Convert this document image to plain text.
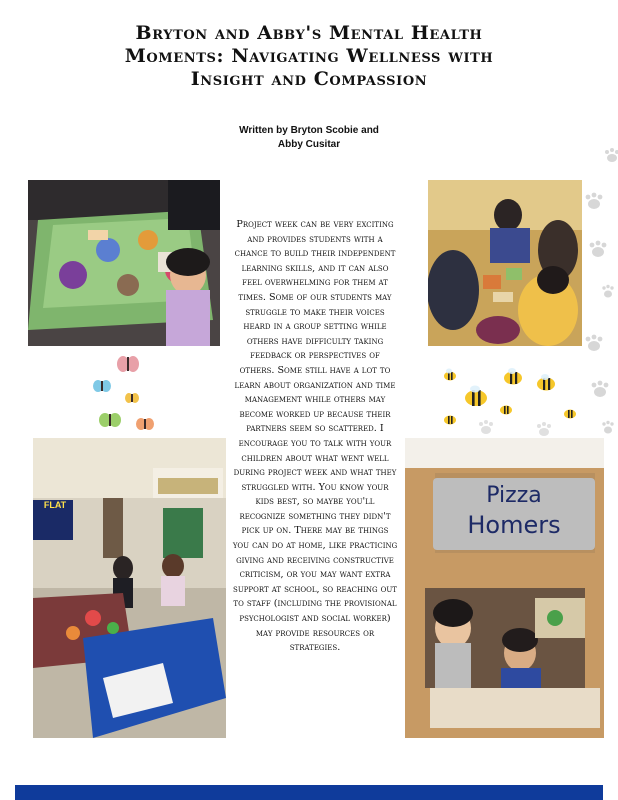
Bryton and Abby's Mental Health Moments: Navigating Wellness with Insight and Compassion
Written by Bryton Scobie and
Abby Cusitar
FLAT	Pizza
Homers

Project week can be very exciting and provides students with a chance to build their independent learning skills, and it can also feel overwhelming for them at times. Some of our students may struggle to make their voices heard in a group setting while others have difficulty taking feedback or perspectives of others. Some still have a lot to learn about organization and time management while others may become worked up because their partners seem so scattered. I encourage you to talk with your children about what went well during project week and what they struggled with. You know your kids best, so maybe you'll recognize something they didn't pick up on. There may be things you can do at home, like practicing giving and receiving constructive criticism, or you may want extra support at school, so reaching out to staff (including the provisional psychologist and social worker) may provide resources or strategies.
